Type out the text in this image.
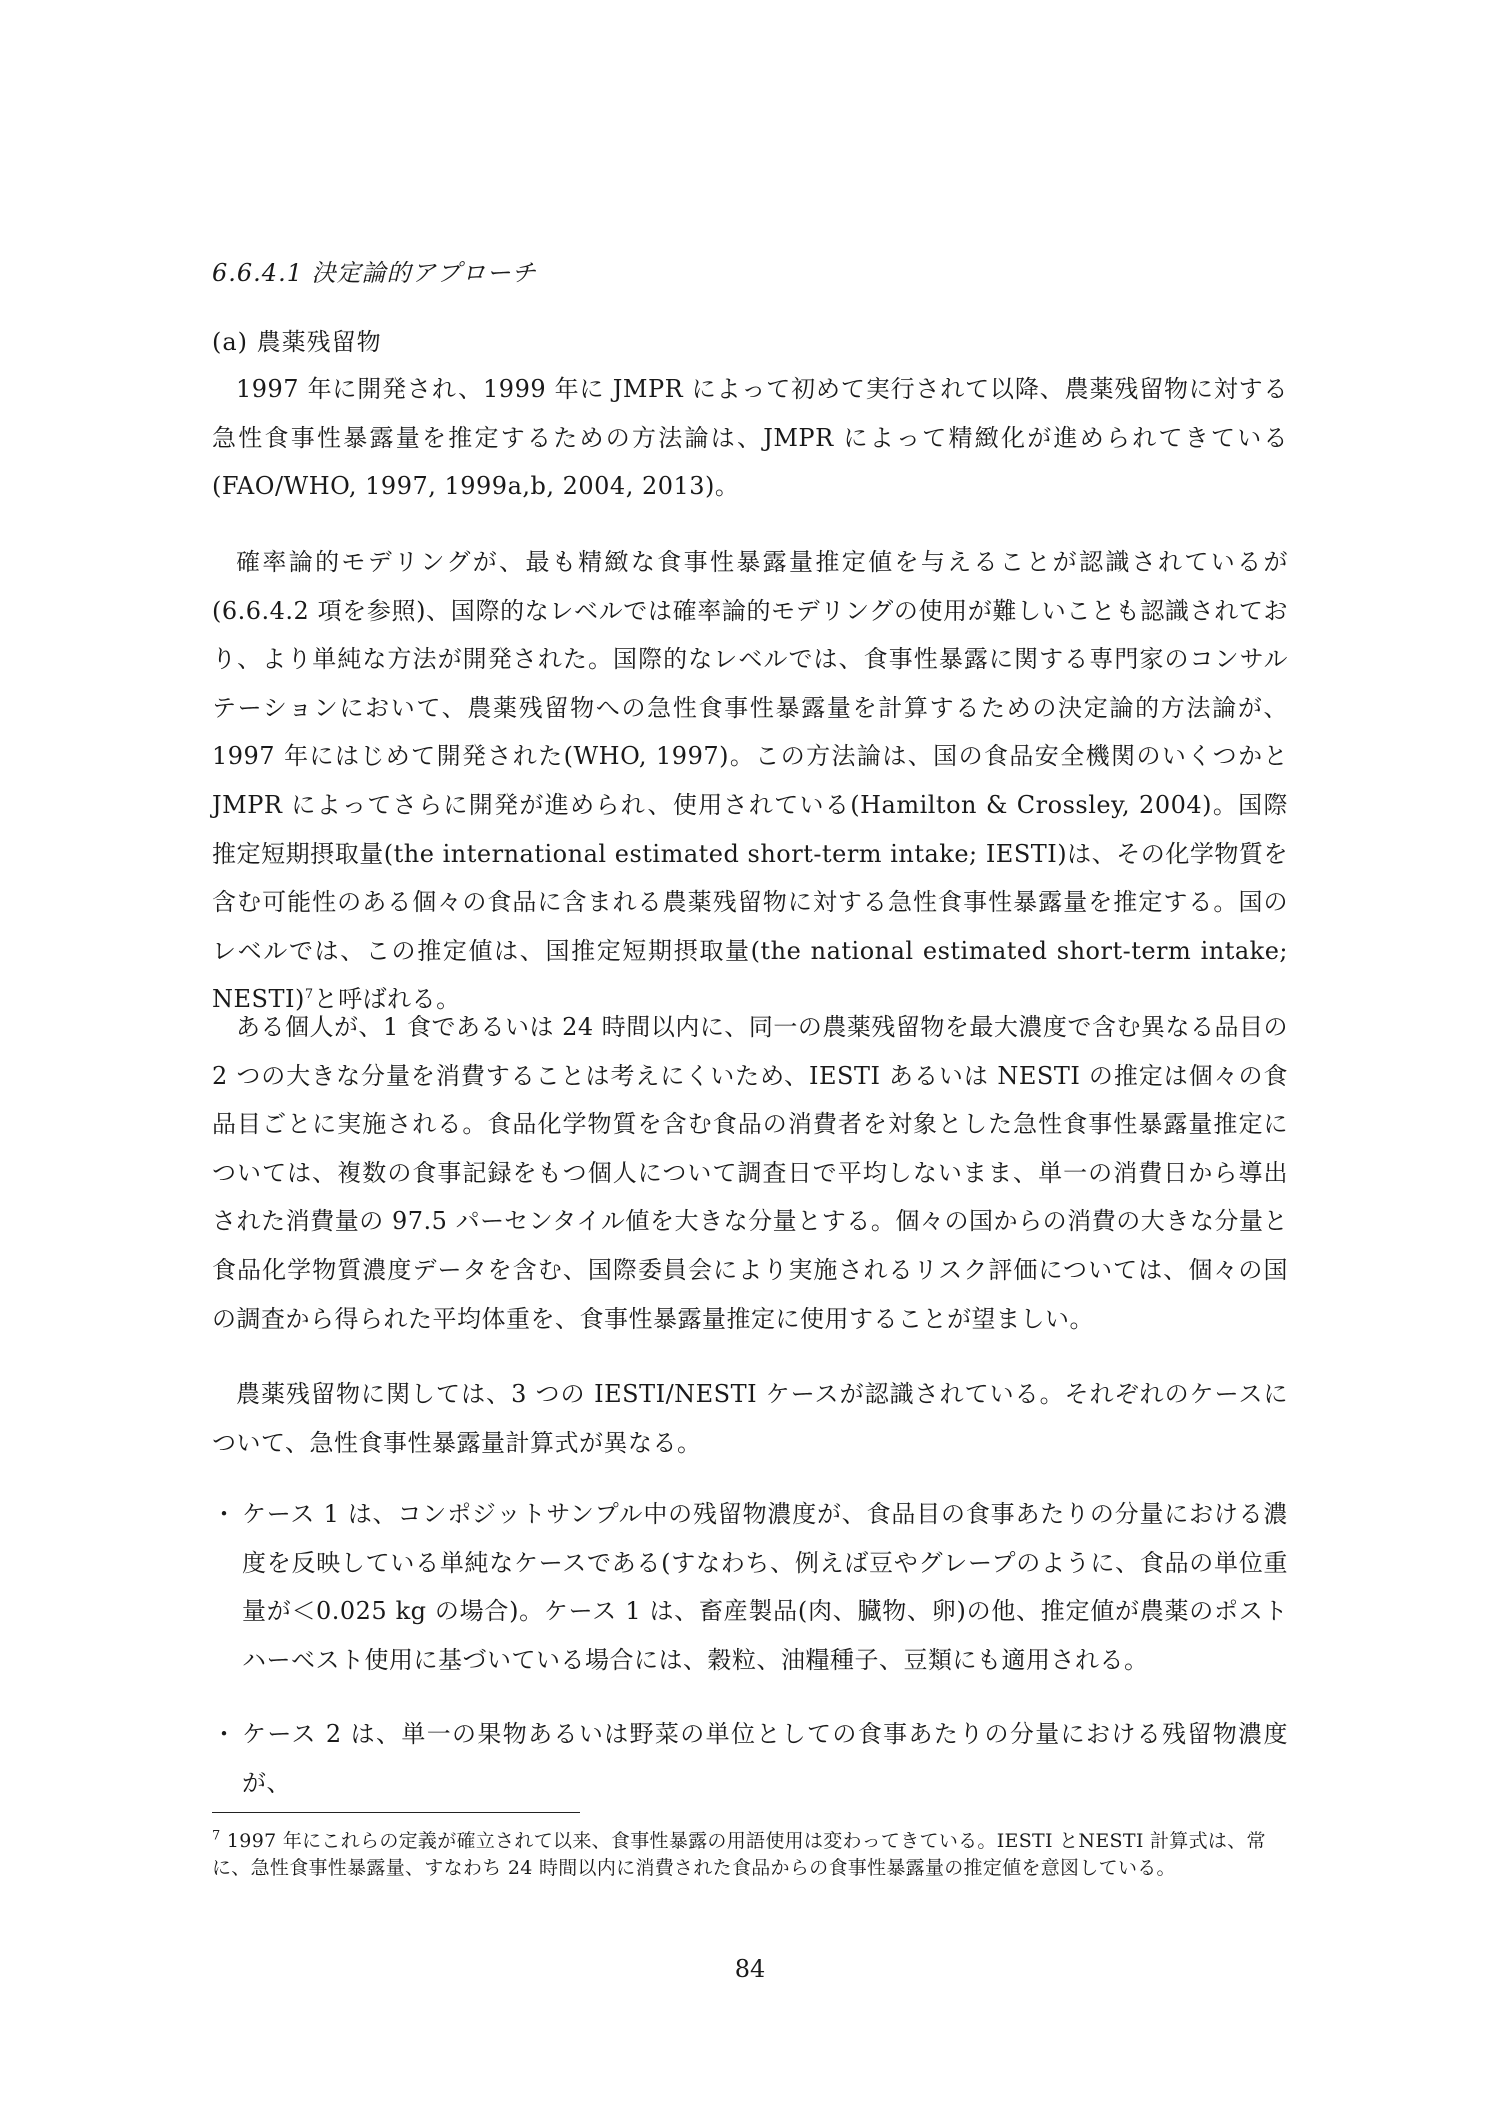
6.6.4.1 決定論的アプローチ
(a) 農薬残留物
1997 年に開発され、1999 年に JMPR によって初めて実行されて以降、農薬残留物に対する急性食事性暴露量を推定するための方法論は、JMPR によって精緻化が進められてきている(FAO/WHO, 1997, 1999a,b, 2004, 2013)。
確率論的モデリングが、最も精緻な食事性暴露量推定値を与えることが認識されているが(6.6.4.2 項を参照)、国際的なレベルでは確率論的モデリングの使用が難しいことも認識されており、より単純な方法が開発された。国際的なレベルでは、食事性暴露に関する専門家のコンサルテーションにおいて、農薬残留物への急性食事性暴露量を計算するための決定論的方法論が、1997 年にはじめて開発された(WHO, 1997)。この方法論は、国の食品安全機関のいくつかとJMPR によってさらに開発が進められ、使用されている(Hamilton & Crossley, 2004)。国際推定短期摂取量(the international estimated short-term intake; IESTI)は、その化学物質を含む可能性のある個々の食品に含まれる農薬残留物に対する急性食事性暴露量を推定する。国のレベルでは、この推定値は、国推定短期摂取量(the national estimated short-term intake; NESTI)$^7$と呼ばれる。
ある個人が、1 食であるいは 24 時間以内に、同一の農薬残留物を最大濃度で含む異なる品目の 2 つの大きな分量を消費することは考えにくいため、IESTI あるいは NESTI の推定は個々の食品目ごとに実施される。食品化学物質を含む食品の消費者を対象とした急性食事性暴露量推定については、複数の食事記録をもつ個人について調査日で平均しないまま、単一の消費日から導出された消費量の 97.5 パーセンタイル値を大きな分量とする。個々の国からの消費の大きな分量と食品化学物質濃度データを含む、国際委員会により実施されるリスク評価については、個々の国の調査から得られた平均体重を、食事性暴露量推定に使用することが望ましい。
農薬残留物に関しては、3 つの IESTI/NESTI ケースが認識されている。それぞれのケースについて、急性食事性暴露量計算式が異なる。
・ ケース 1 は、コンポジットサンプル中の残留物濃度が、食品目の食事あたりの分量における濃度を反映している単純なケースである(すなわち、例えば豆やグレープのように、食品の単位重量が＜0.025 kg の場合)。ケース 1 は、畜産製品(肉、臓物、卵)の他、推定値が農薬のポストハーベスト使用に基づいている場合には、穀粒、油糧種子、豆類にも適用される。
・ ケース 2 は、単一の果物あるいは野菜の単位としての食事あたりの分量における残留物濃度が、
$^7$ 1997 年にこれらの定義が確立されて以来、食事性暴露の用語使用は変わってきている。IESTI とNESTI 計算式は、常に、急性食事性暴露量、すなわち 24 時間以内に消費された食品からの食事性暴露量の推定値を意図している。
84
